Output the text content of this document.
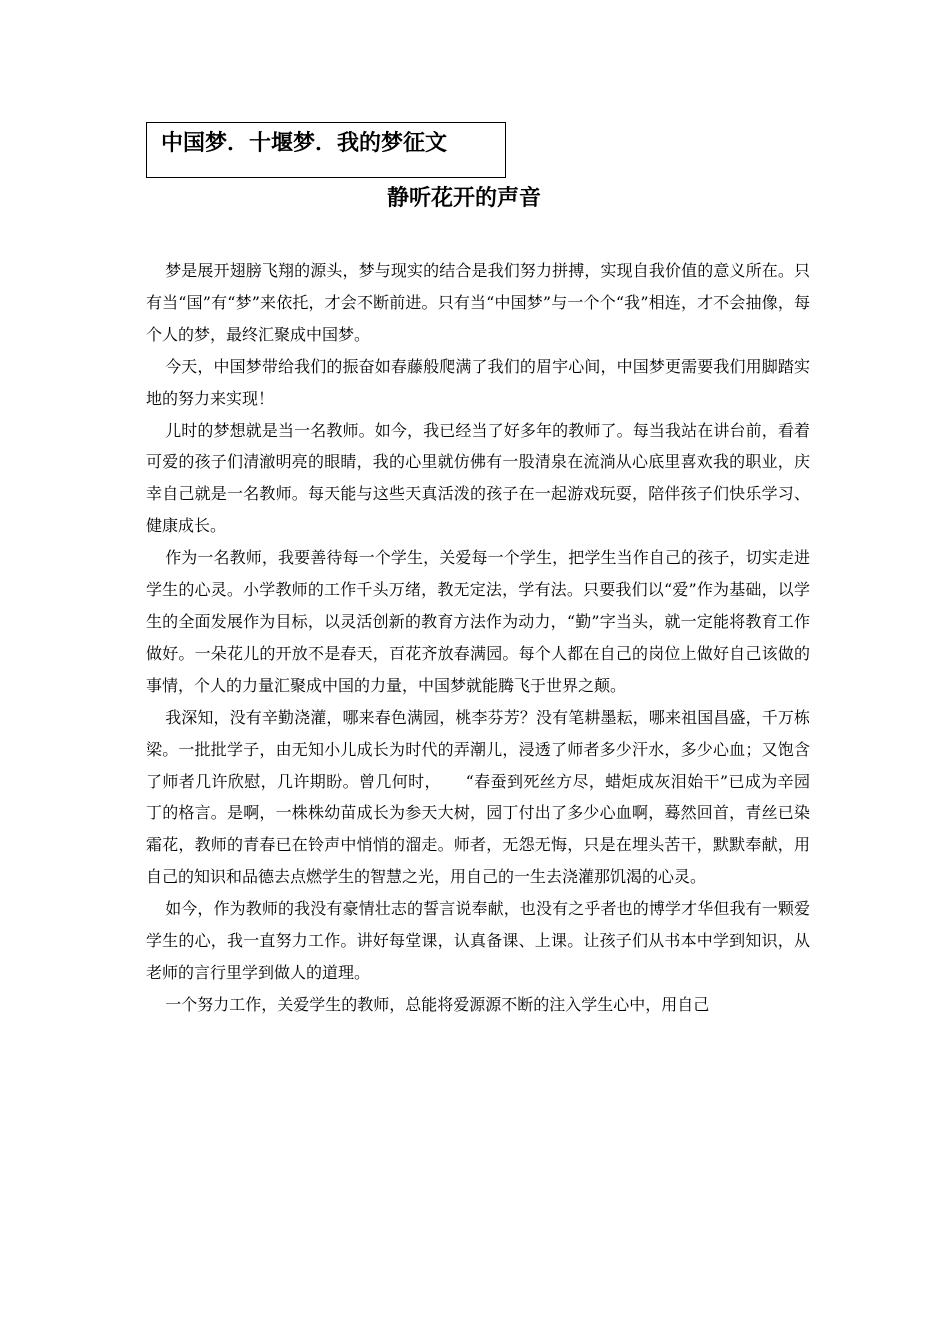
中国梦．十堰梦．我的梦征文
静听花开的声音

梦是展开翅膀飞翔的源头，梦与现实的结合是我们努力拼搏，实现自我价值的意义所在。只有当“国”有“梦”来依托，才会不断前进。只有当“中国梦”与一个个“我”相连，才不会抽像，每个人的梦，最终汇聚成中国梦。

今天，中国梦带给我们的振奋如春藤般爬满了我们的眉宇心间，中国梦更需要我们用脚踏实地的努力来实现！

儿时的梦想就是当一名教师。如今，我已经当了好多年的教师了。每当我站在讲台前，看着可爱的孩子们清澈明亮的眼睛，我的心里就仿佛有一股清泉在流淌从心底里喜欢我的职业，庆幸自己就是一名教师。每天能与这些天真活泼的孩子在一起游戏玩耍，陪伴孩子们快乐学习、健康成长。

作为一名教师，我要善待每一个学生，关爱每一个学生，把学生当作自己的孩子，切实走进学生的心灵。小学教师的工作千头万绪，教无定法，学有法。只要我们以“爱”作为基础，以学生的全面发展作为目标，以灵活创新的教育方法作为动力，“勤”字当头，就一定能将教育工作做好。一朵花儿的开放不是春天，百花齐放春满园。每个人都在自己的岗位上做好自己该做的事情，个人的力量汇聚成中国的力量，中国梦就能腾飞于世界之颠。

我深知，没有辛勤浇灌，哪来春色满园，桃李芬芳？没有笔耕墨耘，哪来祖国昌盛，千万栋梁。一批批学子，由无知小儿成长为时代的弄潮儿，浸透了师者多少汗水，多少心血；又饱含了师者几许欣慰，几许期盼。曾几何时，　　“春蚕到死丝方尽，蜡炬成灰泪始干”已成为辛园丁的格言。是啊，一株株幼苗成长为参天大树，园丁付出了多少心血啊，蓦然回首，青丝已染霜花，教师的青春已在铃声中悄悄的溜走。师者，无怨无悔，只是在埋头苦干，默默奉献，用自己的知识和品德去点燃学生的智慧之光，用自己的一生去浇灌那饥渴的心灵。

如今，作为教师的我没有豪情壮志的誓言说奉献，也没有之乎者也的博学才华但我有一颗爱学生的心，我一直努力工作。讲好每堂课，认真备课、上课。让孩子们从书本中学到知识，从老师的言行里学到做人的道理。

一个努力工作，关爱学生的教师，总能将爱源源不断的注入学生心中，用自己
